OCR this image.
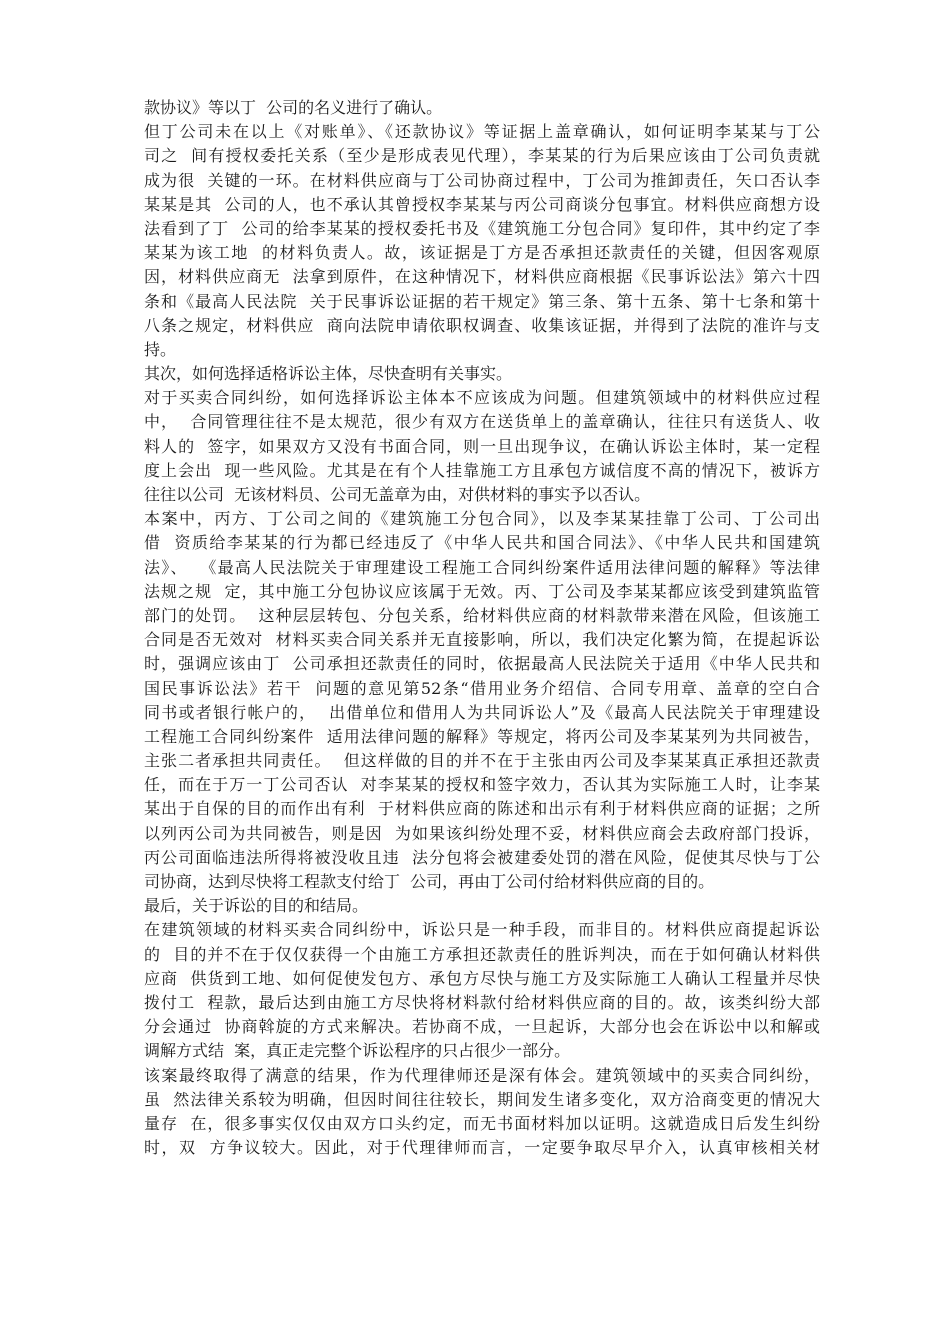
款协议》等以丁  公司的名义进行了确认。
但丁公司未在以上《对账单》、《还款协议》等证据上盖章确认，如何证明李某某与丁公
司之  间有授权委托关系（至少是形成表见代理），李某某的行为后果应该由丁公司负责就
成为很  关键的一环。在材料供应商与丁公司协商过程中，丁公司为推卸责任，矢口否认李
某某是其  公司的人，也不承认其曾授权李某某与丙公司商谈分包事宜。材料供应商想方设
法看到了丁  公司的给李某某的授权委托书及《建筑施工分包合同》复印件，其中约定了李
某某为该工地  的材料负责人。故，该证据是丁方是否承担还款责任的关键，但因客观原
因，材料供应商无  法拿到原件，在这种情况下，材料供应商根据《民事诉讼法》第六十四
条和《最高人民法院  关于民事诉讼证据的若干规定》第三条、第十五条、第十七条和第十
八条之规定，材料供应  商向法院申请依职权调查、收集该证据，并得到了法院的准许与支
持。
其次，如何选择适格诉讼主体，尽快查明有关事实。
对于买卖合同纠纷，如何选择诉讼主体本不应该成为问题。但建筑领域中的材料供应过程
中，  合同管理往往不是太规范，很少有双方在送货单上的盖章确认，往往只有送货人、收
料人的  签字，如果双方又没有书面合同，则一旦出现争议，在确认诉讼主体时，某一定程
度上会出  现一些风险。尤其是在有个人挂靠施工方且承包方诚信度不高的情况下，被诉方
往往以公司  无该材料员、公司无盖章为由，对供材料的事实予以否认。
本案中，丙方、丁公司之间的《建筑施工分包合同》，以及李某某挂靠丁公司、丁公司出
借  资质给李某某的行为都已经违反了《中华人民共和国合同法》、《中华人民共和国建筑
法》、  《最高人民法院关于审理建设工程施工合同纠纷案件适用法律问题的解释》等法律
法规之规  定，其中施工分包协议应该属于无效。丙、丁公司及李某某都应该受到建筑监管
部门的处罚。  这种层层转包、分包关系，给材料供应商的材料款带来潜在风险，但该施工
合同是否无效对  材料买卖合同关系并无直接影响，所以，我们决定化繁为简，在提起诉讼
时，强调应该由丁  公司承担还款责任的同时，依据最高人民法院关于适用《中华人民共和
国民事诉讼法》若干  问题的意见第52条“借用业务介绍信、合同专用章、盖章的空白合
同书或者银行帐户的，  出借单位和借用人为共同诉讼人”及《最高人民法院关于审理建设
工程施工合同纠纷案件  适用法律问题的解释》等规定，将丙公司及李某某列为共同被告，
主张二者承担共同责任。  但这样做的目的并不在于主张由丙公司及李某某真正承担还款责
任，而在于万一丁公司否认  对李某某的授权和签字效力，否认其为实际施工人时，让李某
某出于自保的目的而作出有利  于材料供应商的陈述和出示有利于材料供应商的证据；之所
以列丙公司为共同被告，则是因  为如果该纠纷处理不妥，材料供应商会去政府部门投诉，
丙公司面临违法所得将被没收且违  法分包将会被建委处罚的潜在风险，促使其尽快与丁公
司协商，达到尽快将工程款支付给丁  公司，再由丁公司付给材料供应商的目的。
最后，关于诉讼的目的和结局。
在建筑领域的材料买卖合同纠纷中，诉讼只是一种手段，而非目的。材料供应商提起诉讼
的  目的并不在于仅仅获得一个由施工方承担还款责任的胜诉判决，而在于如何确认材料供
应商  供货到工地、如何促使发包方、承包方尽快与施工方及实际施工人确认工程量并尽快
拨付工  程款，最后达到由施工方尽快将材料款付给材料供应商的目的。故，该类纠纷大部
分会通过  协商斡旋的方式来解决。若协商不成，一旦起诉，大部分也会在诉讼中以和解或
调解方式结  案，真正走完整个诉讼程序的只占很少一部分。
该案最终取得了满意的结果，作为代理律师还是深有体会。建筑领域中的买卖合同纠纷，
虽  然法律关系较为明确，但因时间往往较长，期间发生诸多变化，双方洽商变更的情况大
量存  在，很多事实仅仅由双方口头约定，而无书面材料加以证明。这就造成日后发生纠纷
时，双  方争议较大。因此，对于代理律师而言，一定要争取尽早介入，认真审核相关材
